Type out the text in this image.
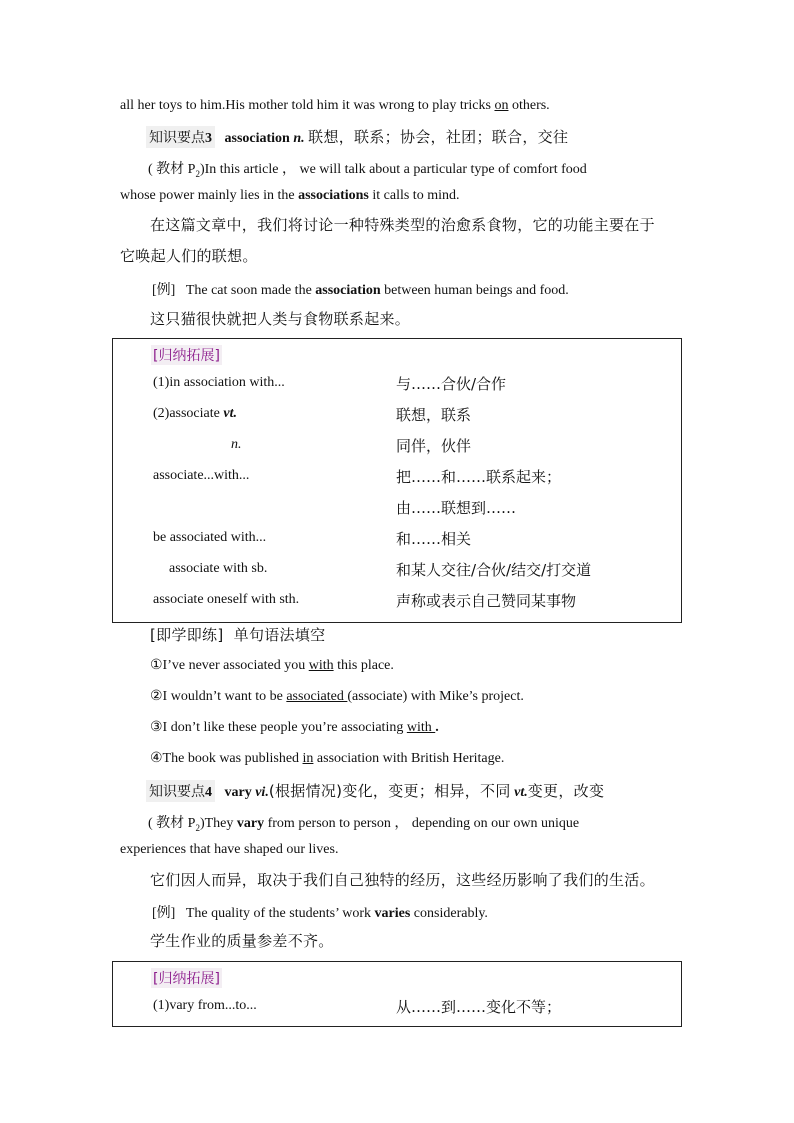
all her toys to him.His mother told him it was wrong to play tricks on others.
知识要点3 association n. 联想，联系；协会，社团；联合，交往
( 教材 $P_2)In$ this article ， we will talk about a particular type of comfort food
whose power mainly lies in the associations it calls to mind.
在这篇文章中，我们将讨论一种特殊类型的治愈系食物，它的功能主要在于
它唤起人们的联想。
[例] The cat soon made the association between human beings and food.
这只猫很快就把人类与食物联系起来。
[归纳拓展]
(1)in association with...	与……合伙/合作
(2)associate vt.	联想，联系
n.	同伴，伙伴
associate...with...	把……和……联系起来；
由……联想到……
be associated with...	和……相关
associate with sb.	和某人交往/合伙/结交/打交道
associate oneself with sth.	声称或表示自己赞同某事物
[即学即练] 单句语法填空
①I’ve never associated you with this place.
②I wouldn’t want to be associated (associate) with Mike’s project.
③I don’t like these people you’re associating with .
④The book was published in association with British Heritage.
知识要点4 vary vi.(根据情况)变化，变更；相异，不同 vt.变更，改变
( 教材 $P_2)They$ vary from person to person ， depending on our own unique
experiences that have shaped our lives.
它们因人而异，取决于我们自己独特的经历，这些经历影响了我们的生活。
[例] The quality of the students’ work varies considerably.
学生作业的质量参差不齐。
[归纳拓展]
(1)vary from...to...	从……到……变化不等；
